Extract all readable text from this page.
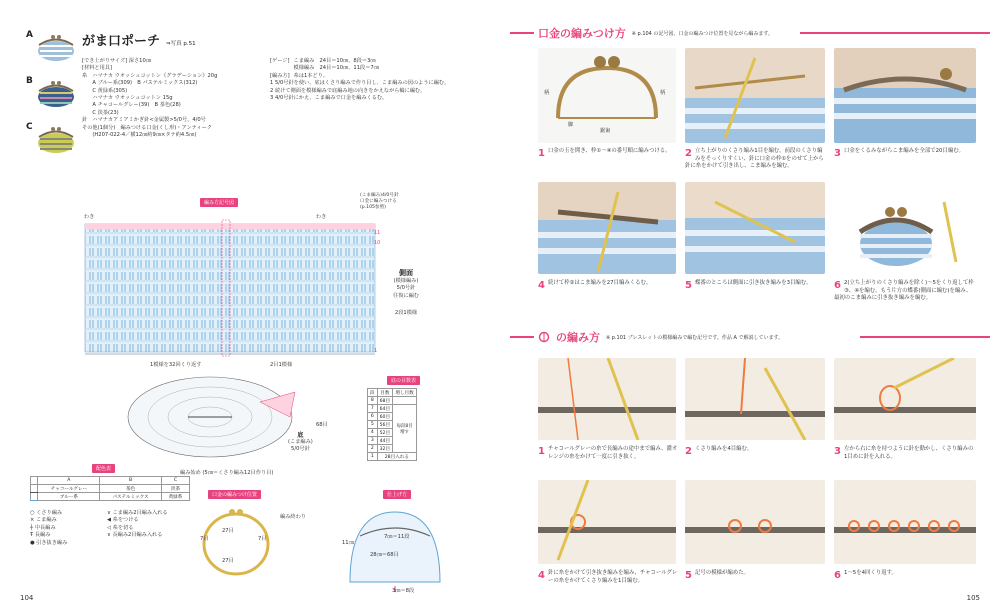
A
B
C
がま口ポーチ ⇒写真 p.51
[でき上がりサイズ] 深さ10㎝
[材料と用具]
糸　ハマナカ ウオッシュコットン《グラデーション》20g
　　A ブルー系(309)　B パステルミックス(312)
　　C 黄緑系(305)
　　ハマナカ ウオッシュコットン 15g
　　A チャコールグレー(39)　B 茶色(28)
　　C 淡茶(23)
針　ハマナカアミアミかぎ針<金属製>5/0号、4/0号
その他(1個分)　編みつける口金(くし形)・アンティーク
　　(H207-022-4／横12㎝約9㎝×タテ約4.5㎝)
[ゲージ] こま編み　24目＝10㎝、8段＝3㎝
模様編み　24目＝10㎝、11段＝7㎝
[編み方] 糸は1本どり。
1 5/0号針を使い、底はくさり編みで作り目し、こま編みの図のように編む。
2 続けて側面を模様編みで底編み地の向きをかえながら輪に編む。
3 4/0号針にかえ、こま編みで口金を編みくるむ。
編み方記号図
わき	わき
(こま編み)4/0号針
口金に編みつける
(p.105参照)
11
10
1
側面
(模様編み)
5/0号針
往復に編む
2段1模様
1模様を32回くり返す	2目1模様
底
(こま編み)
5/0号針
68目
編み始め (5㎝＝くさり編み12目作り目)
底の目数表
段	目数	増し目数
8	68目	
7	64目	毎段8目増す
6	60目	
5	56目	
4	52目	
3	44目	
2	32目	
1	28目入れる	
配色表
	A	B	C
	チャコールグレー	茶色	淡茶
	ブルー系	パステルミックス	黄緑系
○ くさり編み	∨ こま編み2目編み入れる
× こま編み	◀ 糸をつける
┼ 中長編み	◁ 糸を切る
Ŧ 長編み	∨ 長編み2目編み入れる
● 引き抜き編み
口金の編みつけ位置
27目
27目
7目
7目
編み終わり
仕上げ方
7㎝＝11段
28㎝＝68目
3㎝＝8段
11㎝
104
口金の編みつけ方 ※ p.104 の記号図、口金の編みつけ位置を見ながら編みます。
柄	柄
脚
鋸歯
1 口金の玉を開き、枠①～④の番号順に編みつける。	2 立ち上がりのくさり編み1目を編む。前段のくさり編みをそっくりすくい、針に口金の枠①をのせて上から針に糸をかけて引き出し、こま編みを編む。
3 口金をくるみながらこま編みを全部で20目編む。
4 続けて枠②はこま編みを27目編みくるむ。	5 蝶番のところは側面に引き抜き編みを3目編む。	6 2(立ち上がりのくさり編みを除く)～5をくり返して枠③、④を編む。もう片方の蝶番(側面に編む)を編み、最初のこま編みに引き抜き編みを編む。
の編み方 ※ p.101 ブレスレットの模様編みで編む記号です。作品 A で解説しています。
1 チャコールグレーの糸で長編みの途中まで編み、濃オレンジの糸をかけて一度に引き抜く。	2 くさり編みを4目編む。	3 左から右に糸を持つように針を動かし、くさり編みの1目めに針を入れる。
4 針に糸をかけて引き抜き編みを編み、チャコールグレーの糸をかけてくさり編みを1目編む。	5 記号の模様が編めた。	6 1～5を4回くり返す。
105
